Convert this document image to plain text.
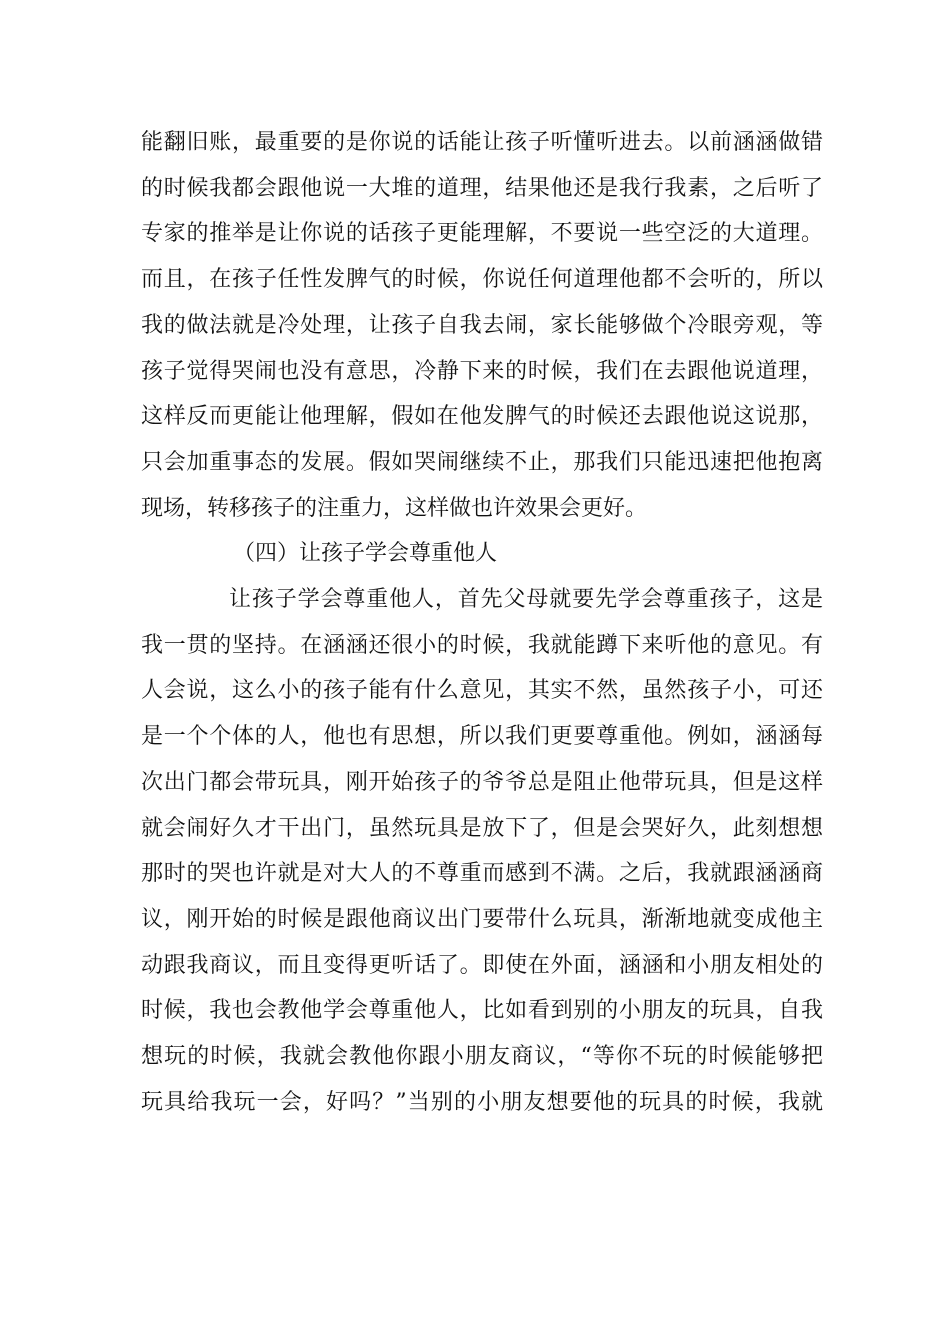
能翻旧账，最重要的是你说的话能让孩子听懂听进去。以前涵涵做错
的时候我都会跟他说一大堆的道理，结果他还是我行我素，之后听了
专家的推举是让你说的话孩子更能理解，不要说一些空泛的大道理。
而且，在孩子任性发脾气的时候，你说任何道理他都不会听的，所以
我的做法就是冷处理，让孩子自我去闹，家长能够做个冷眼旁观，等
孩子觉得哭闹也没有意思，冷静下来的时候，我们在去跟他说道理，
这样反而更能让他理解，假如在他发脾气的时候还去跟他说这说那，
只会加重事态的发展。假如哭闹继续不止，那我们只能迅速把他抱离
现场，转移孩子的注重力，这样做也许效果会更好。
（四）让孩子学会尊重他人
让孩子学会尊重他人，首先父母就要先学会尊重孩子，这是
我一贯的坚持。在涵涵还很小的时候，我就能蹲下来听他的意见。有
人会说，这么小的孩子能有什么意见，其实不然，虽然孩子小，可还
是一个个体的人，他也有思想，所以我们更要尊重他。例如，涵涵每
次出门都会带玩具，刚开始孩子的爷爷总是阻止他带玩具，但是这样
就会闹好久才干出门，虽然玩具是放下了，但是会哭好久，此刻想想
那时的哭也许就是对大人的不尊重而感到不满。之后，我就跟涵涵商
议，刚开始的时候是跟他商议出门要带什么玩具，渐渐地就变成他主
动跟我商议，而且变得更听话了。即使在外面，涵涵和小朋友相处的
时候，我也会教他学会尊重他人，比如看到别的小朋友的玩具，自我
想玩的时候，我就会教他你跟小朋友商议，“等你不玩的时候能够把
玩具给我玩一会，好吗？”当别的小朋友想要他的玩具的时候，我就
